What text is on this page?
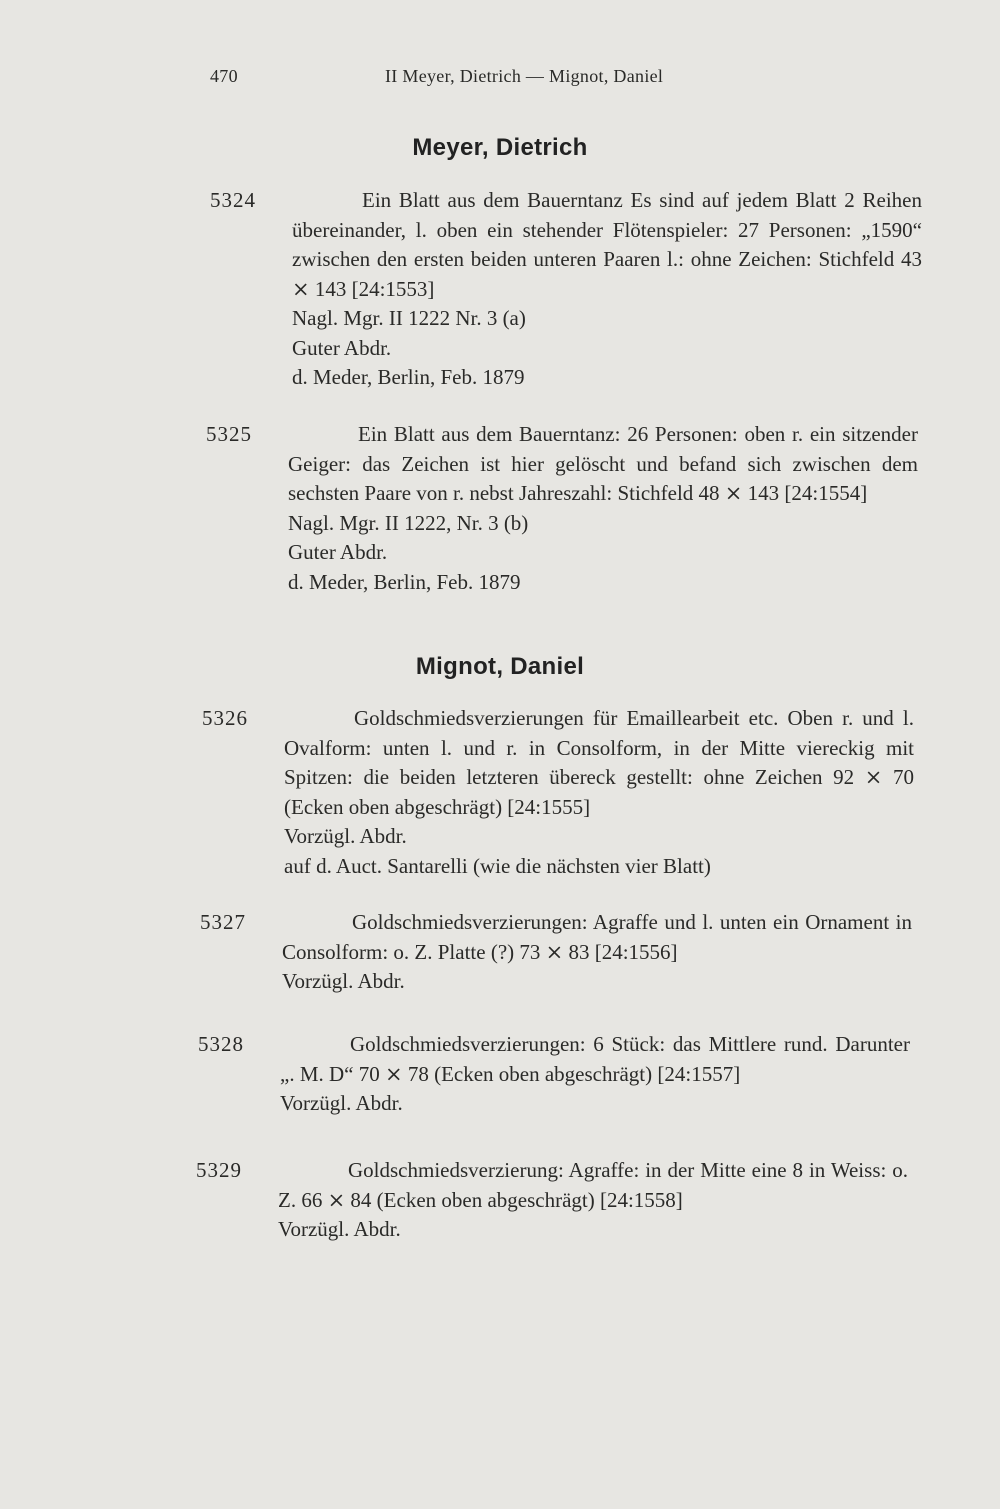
470	II Meyer, Dietrich — Mignot, Daniel
Meyer, Dietrich
5324	Ein Blatt aus dem Bauerntanz Es sind auf jedem Blatt 2 Reihen übereinander, l. oben ein stehender Flötenspieler: 27 Personen: „1590“ zwischen den ersten beiden unteren Paaren l.: ohne Zeichen: Stichfeld 43 ⨯ 143 [24:1553]

Nagl. Mgr. II 1222 Nr. 3 (a)

Guter Abdr.

d. Meder, Berlin, Feb. 1879

5325	Ein Blatt aus dem Bauerntanz: 26 Personen: oben r. ein sitzender Geiger: das Zeichen ist hier gelöscht und befand sich zwischen dem sechsten Paare von r. nebst Jahreszahl: Stichfeld 48 ⨯ 143 [24:1554]

Nagl. Mgr. II 1222, Nr. 3 (b)

Guter Abdr.

d. Meder, Berlin, Feb. 1879

Mignot, Daniel
5326	Goldschmiedsverzierungen für Emaillearbeit etc. Oben r. und l. Ovalform: unten l. und r. in Consolform, in der Mitte viereckig mit Spitzen: die beiden letzteren übereck gestellt: ohne Zeichen 92 ⨯ 70 (Ecken oben abgeschrägt) [24:1555]

Vorzügl. Abdr.

auf d. Auct. Santarelli (wie die nächsten vier Blatt)

5327	Goldschmiedsverzierungen: Agraffe und l. unten ein Ornament in Consolform: o. Z. Platte (?) 73 ⨯ 83 [24:1556]

Vorzügl. Abdr.

5328	Goldschmiedsverzierungen: 6 Stück: das Mittlere rund. Darunter „. M. D“ 70 ⨯ 78 (Ecken oben abgeschrägt) [24:1557]

Vorzügl. Abdr.

5329	Goldschmiedsverzierung: Agraffe: in der Mitte eine 8 in Weiss: o. Z. 66 ⨯ 84 (Ecken oben abgeschrägt) [24:1558]

Vorzügl. Abdr.
